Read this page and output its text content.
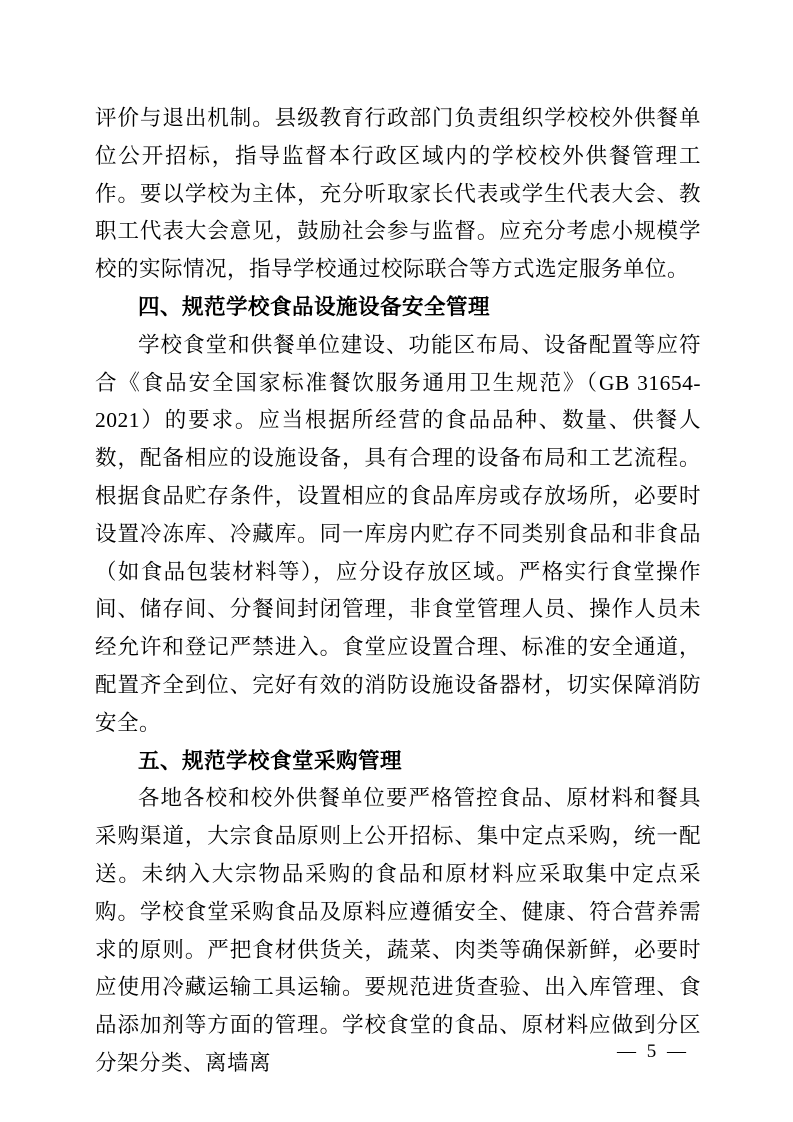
评价与退出机制。县级教育行政部门负责组织学校校外供餐单位公开招标，指导监督本行政区域内的学校校外供餐管理工作。要以学校为主体，充分听取家长代表或学生代表大会、教职工代表大会意见，鼓励社会参与监督。应充分考虑小规模学校的实际情况，指导学校通过校际联合等方式选定服务单位。

四、规范学校食品设施设备安全管理

学校食堂和供餐单位建设、功能区布局、设备配置等应符合《食品安全国家标准餐饮服务通用卫生规范》（GB 31654-2021）的要求。应当根据所经营的食品品种、数量、供餐人数，配备相应的设施设备，具有合理的设备布局和工艺流程。根据食品贮存条件，设置相应的食品库房或存放场所，必要时设置冷冻库、冷藏库。同一库房内贮存不同类别食品和非食品（如食品包装材料等），应分设存放区域。严格实行食堂操作间、储存间、分餐间封闭管理，非食堂管理人员、操作人员未经允许和登记严禁进入。食堂应设置合理、标准的安全通道，配置齐全到位、完好有效的消防设施设备器材，切实保障消防安全。

五、规范学校食堂采购管理

各地各校和校外供餐单位要严格管控食品、原材料和餐具采购渠道，大宗食品原则上公开招标、集中定点采购，统一配送。未纳入大宗物品采购的食品和原材料应采取集中定点采购。学校食堂采购食品及原料应遵循安全、健康、符合营养需求的原则。严把食材供货关，蔬菜、肉类等确保新鲜，必要时应使用冷藏运输工具运输。要规范进货查验、出入库管理、食品添加剂等方面的管理。学校食堂的食品、原材料应做到分区分架分类、离墙离	— 5 —
